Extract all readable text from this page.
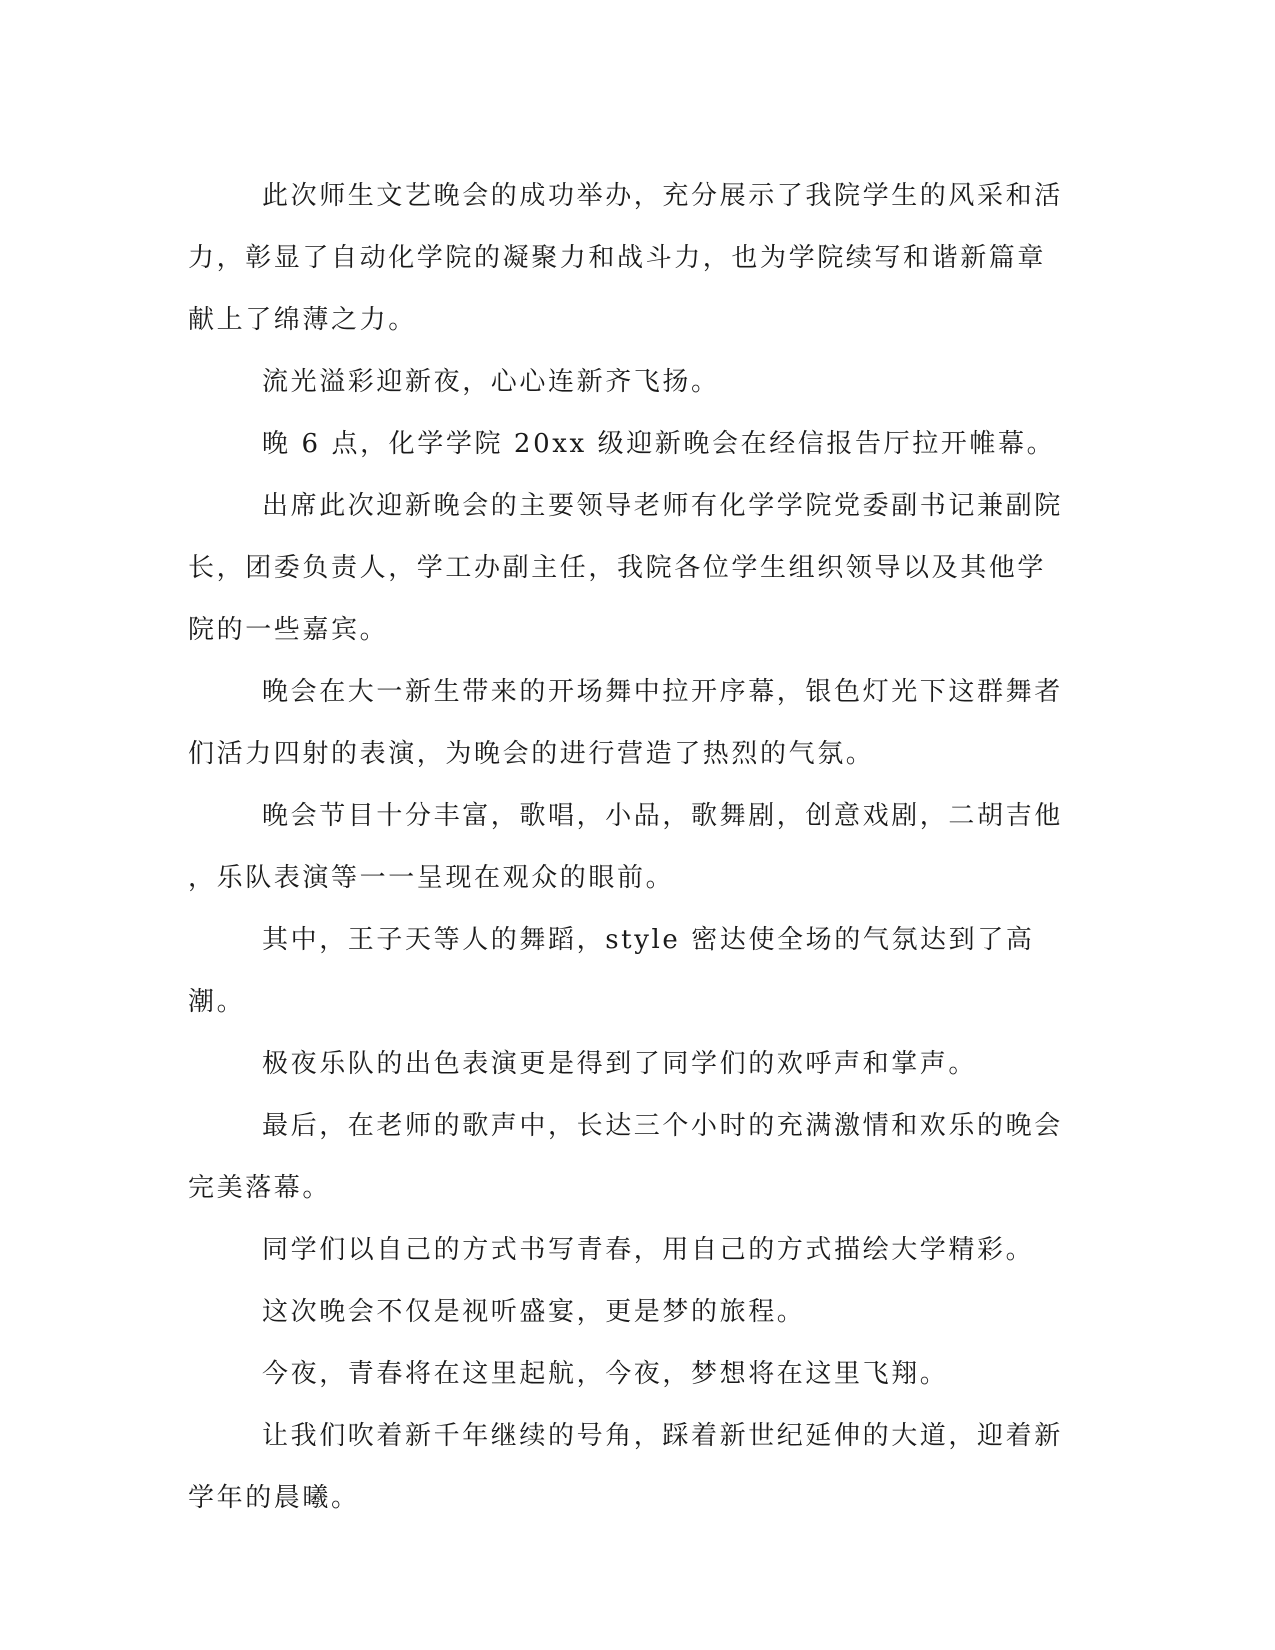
此次师生文艺晚会的成功举办，充分展示了我院学生的风采和活
力，彰显了自动化学院的凝聚力和战斗力，也为学院续写和谐新篇章
献上了绵薄之力。

流光溢彩迎新夜，心心连新齐飞扬。

晚 6 点，化学学院 20xx 级迎新晚会在经信报告厅拉开帷幕。

出席此次迎新晚会的主要领导老师有化学学院党委副书记兼副院
长，团委负责人，学工办副主任，我院各位学生组织领导以及其他学
院的一些嘉宾。

晚会在大一新生带来的开场舞中拉开序幕，银色灯光下这群舞者
们活力四射的表演，为晚会的进行营造了热烈的气氛。

晚会节目十分丰富，歌唱，小品，歌舞剧，创意戏剧，二胡吉他
，乐队表演等一一呈现在观众的眼前。

其中，王子天等人的舞蹈，style 密达使全场的气氛达到了高潮。

极夜乐队的出色表演更是得到了同学们的欢呼声和掌声。

最后，在老师的歌声中，长达三个小时的充满激情和欢乐的晚会
完美落幕。

同学们以自己的方式书写青春，用自己的方式描绘大学精彩。

这次晚会不仅是视听盛宴，更是梦的旅程。

今夜，青春将在这里起航，今夜，梦想将在这里飞翔。

让我们吹着新千年继续的号角，踩着新世纪延伸的大道，迎着新
学年的晨曦。
